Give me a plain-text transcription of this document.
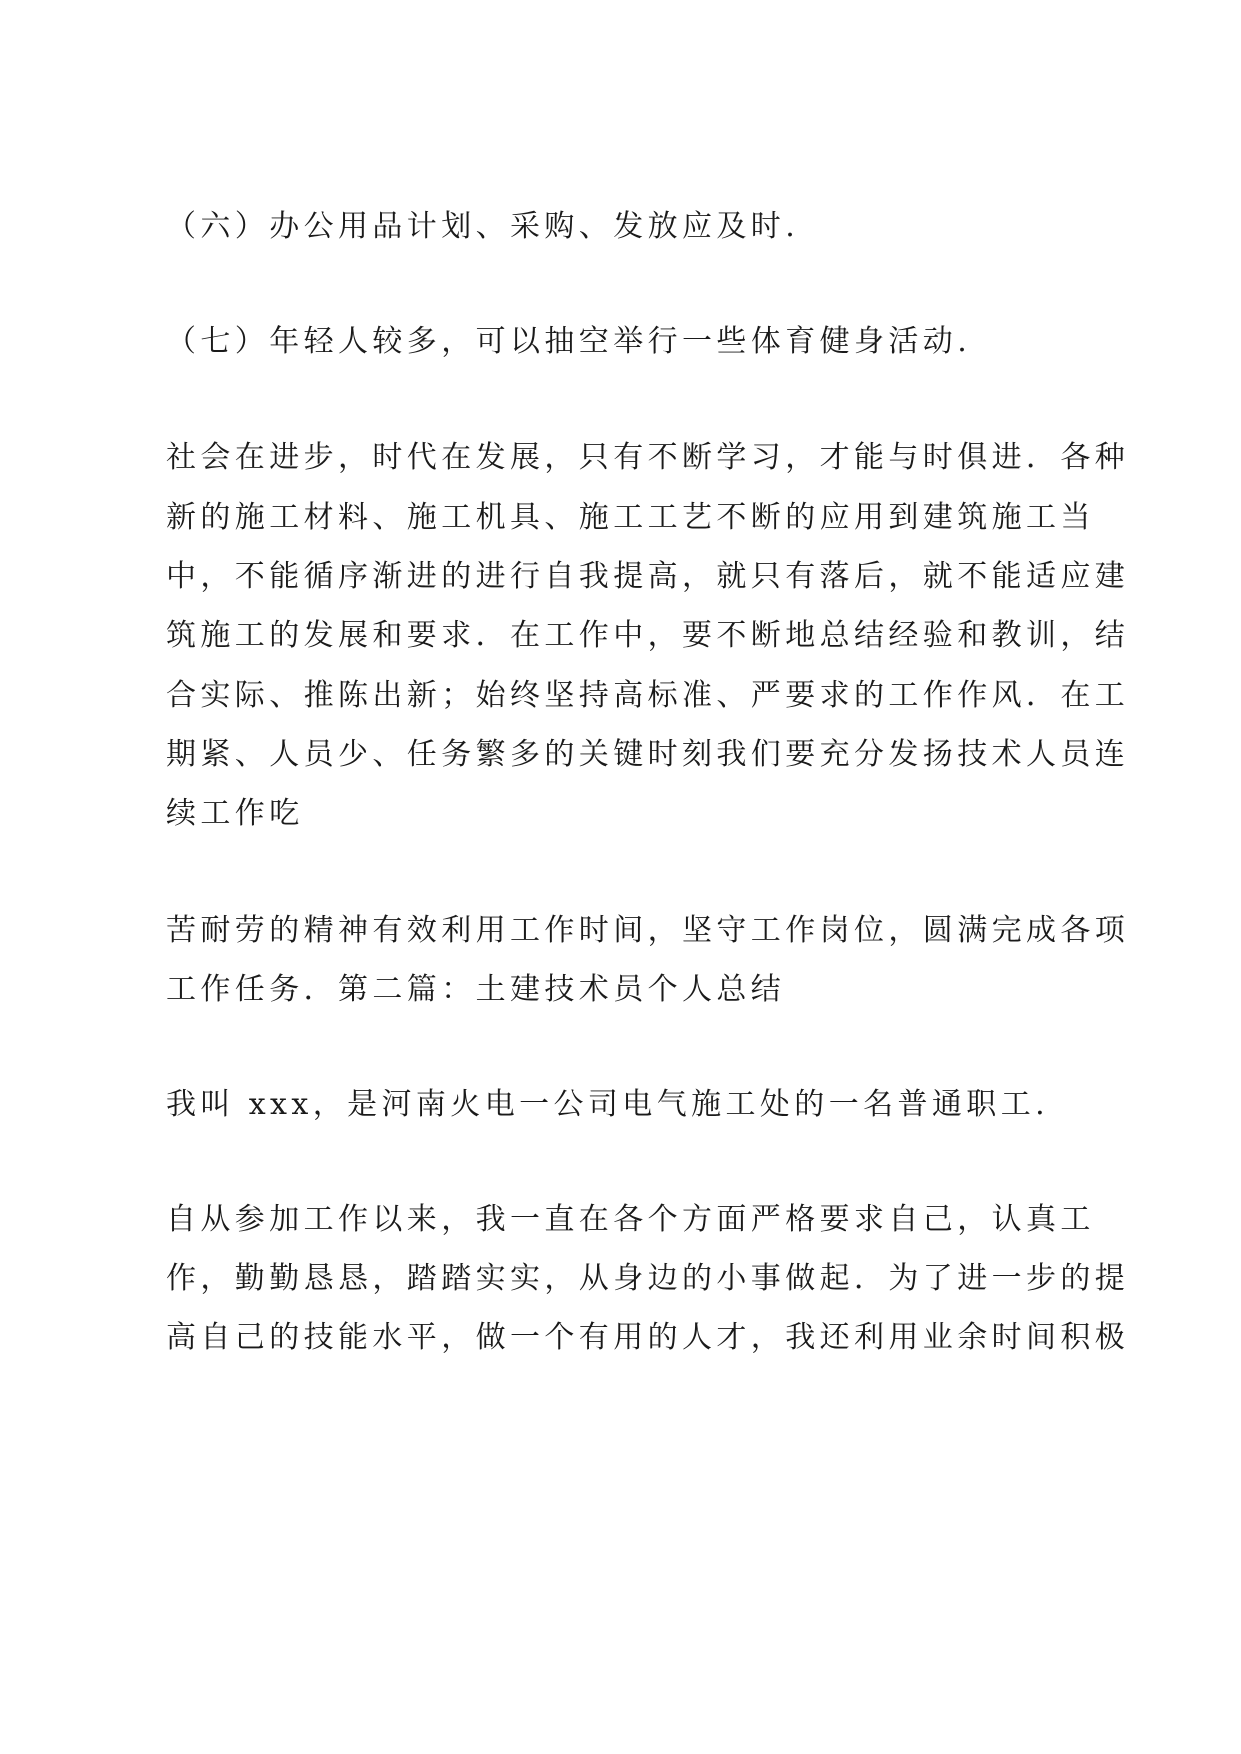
（六）办公用品计划、采购、发放应及时.
（七）年轻人较多，可以抽空举行一些体育健身活动.
社会在进步，时代在发展，只有不断学习，才能与时俱进．各种
新的施工材料、施工机具、施工工艺不断的应用到建筑施工当
中，不能循序渐进的进行自我提高，就只有落后，就不能适应建
筑施工的发展和要求．在工作中，要不断地总结经验和教训，结
合实际、推陈出新；始终坚持高标准、严要求的工作作风．在工
期紧、人员少、任务繁多的关键时刻我们要充分发扬技术人员连
续工作吃
苦耐劳的精神有效利用工作时间，坚守工作岗位，圆满完成各项
工作任务．第二篇：土建技术员个人总结
我叫 xxx，是河南火电一公司电气施工处的一名普通职工.
自从参加工作以来，我一直在各个方面严格要求自己，认真工
作，勤勤恳恳，踏踏实实，从身边的小事做起．为了进一步的提
高自己的技能水平，做一个有用的人才，我还利用业余时间积极
